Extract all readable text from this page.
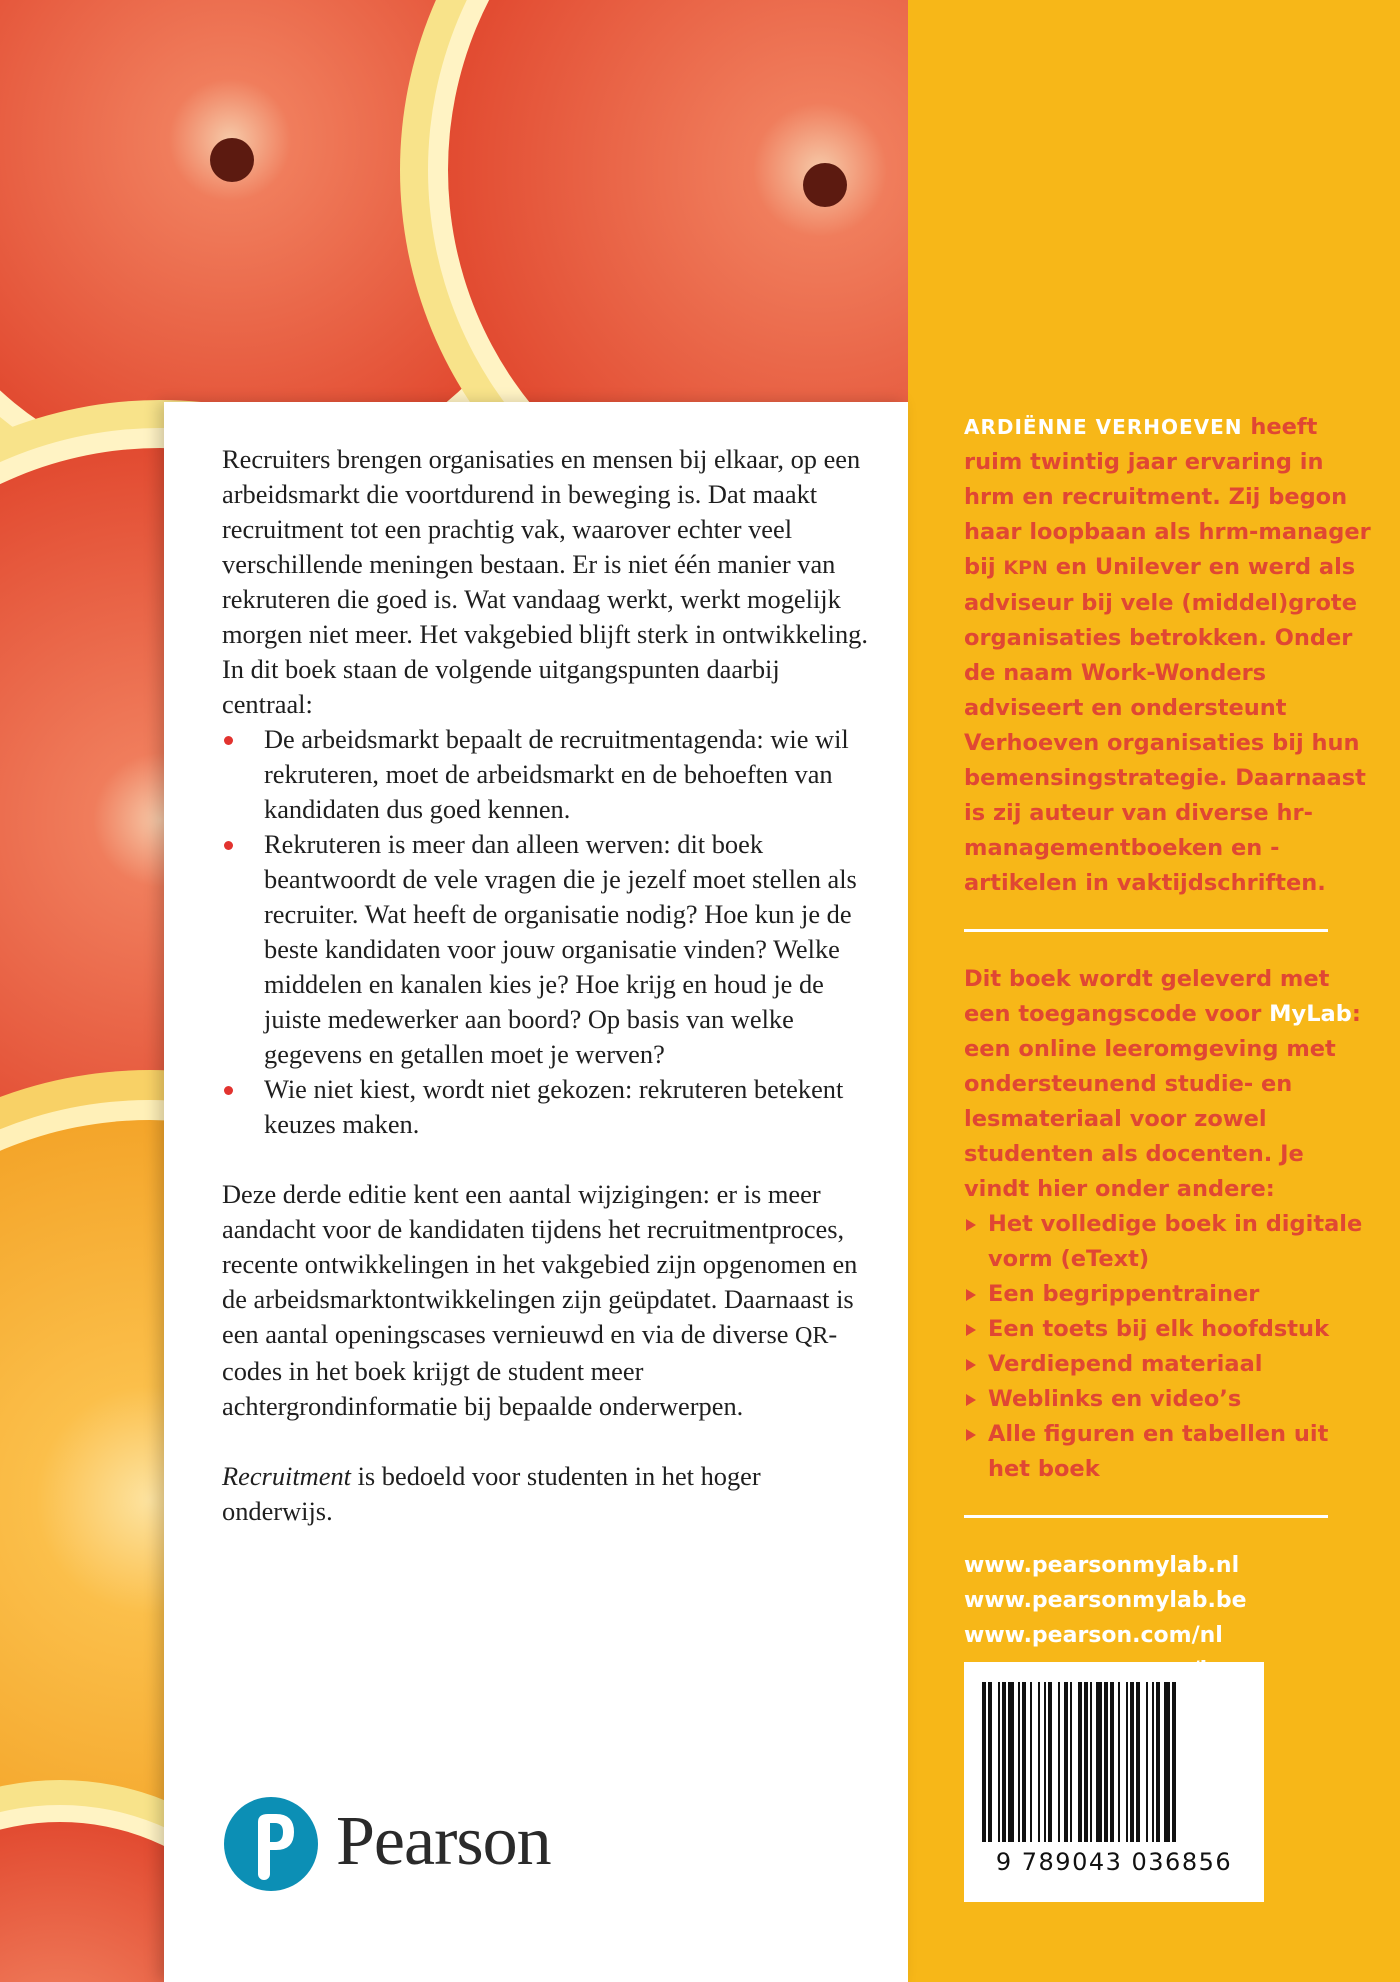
Recruiters brengen organisaties en mensen bij elkaar, op een arbeidsmarkt die voortdurend in beweging is. Dat maakt recruitment tot een prachtig vak, waarover echter veel verschillende meningen bestaan. Er is niet één manier van rekruteren die goed is. Wat vandaag werkt, werkt mogelijk morgen niet meer. Het vakgebied blijft sterk in ontwikkeling. In dit boek staan de volgende uitgangspunten daarbij centraal:

De arbeidsmarkt bepaalt de recruitmentagenda: wie wil rekruteren, moet de arbeidsmarkt en de behoeften van kandidaten dus goed kennen.
Rekruteren is meer dan alleen werven: dit boek beantwoordt de vele vragen die je jezelf moet stellen als recruiter. Wat heeft de organisatie nodig? Hoe kun je de beste kandidaten voor jouw organisatie vinden? Welke middelen en kanalen kies je? Hoe krijg en houd je de juiste medewerker aan boord? Op basis van welke gegevens en getallen moet je werven?
Wie niet kiest, wordt niet gekozen: rekruteren betekent keuzes maken.

Deze derde editie kent een aantal wijzigingen: er is meer aandacht voor de kandidaten tijdens het recruitmentproces, recente ontwikkelingen in het vakgebied zijn opgenomen en de arbeidsmarktontwikkelingen zijn geüpdatet. Daarnaast is een aantal openingscases vernieuwd en via de diverse QR-codes in het boek krijgt de student meer achtergrondinformatie bij bepaalde onderwerpen.

Recruitment is bedoeld voor studenten in het hoger onderwijs.

Pearson

ARDIËNNE VERHOEVEN heeft ruim twintig jaar ervaring in hrm en recruitment. Zij begon haar loopbaan als hrm-manager bij KPN en Unilever en werd als adviseur bij vele (middel)grote organisaties betrokken. Onder de naam Work-Wonders adviseert en ondersteunt Verhoeven organisaties bij hun bemensingstrategie. Daarnaast is zij auteur van diverse hr-managementboeken en -artikelen in vaktijdschriften.

Dit boek wordt geleverd met een toegangscode voor MyLab: een online leeromgeving met ondersteunend studie- en lesmateriaal voor zowel studenten als docenten. Je vindt hier onder andere:

Het volledige boek in digitale vorm (eText)
Een begrippentrainer
Een toets bij elk hoofdstuk
Verdiepend materiaal
Weblinks en video’s
Alle figuren en tabellen uit het boek
www.pearsonmylab.nl
www.pearsonmylab.be
www.pearson.com/nl
9 789043 036856
